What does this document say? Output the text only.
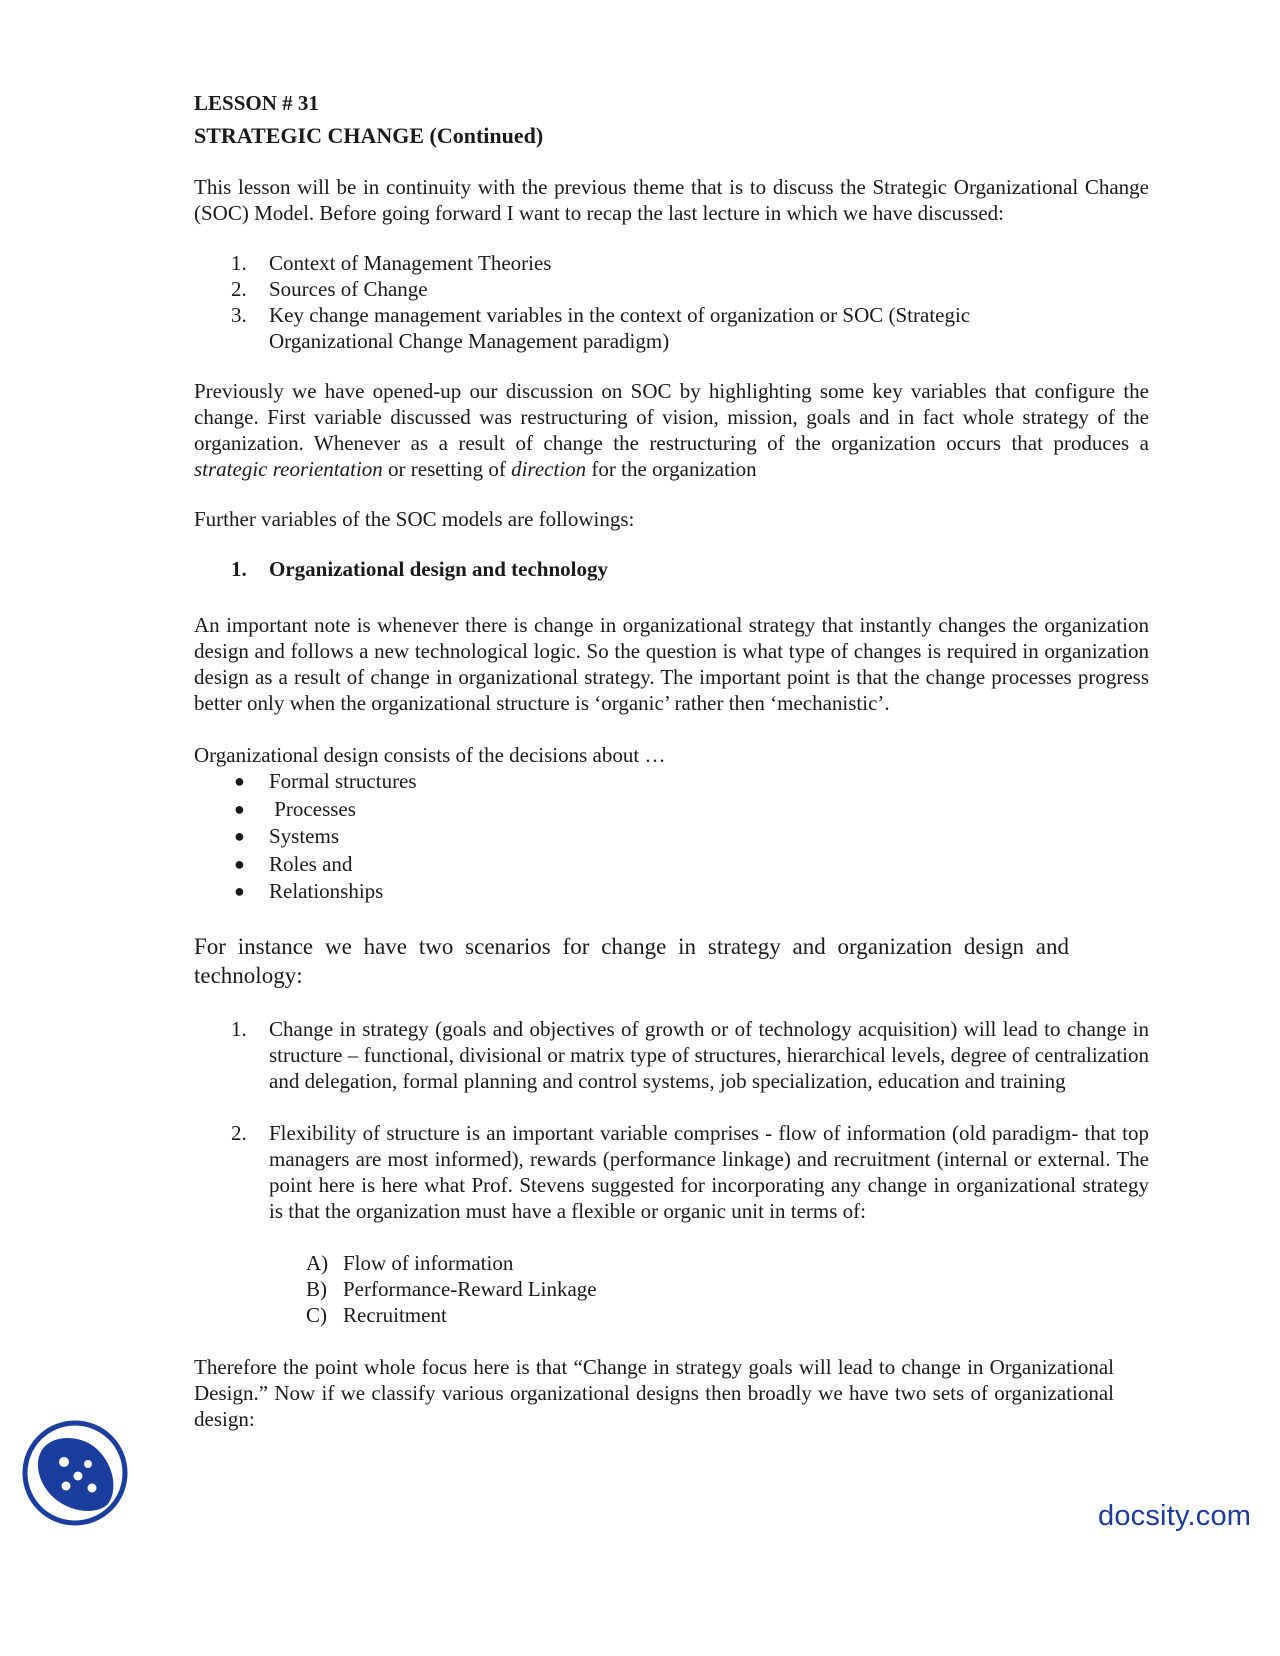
LESSON # 31

STRATEGIC CHANGE (Continued)

This lesson will be in continuity with the previous theme that is to discuss the Strategic Organizational Change (SOC) Model. Before going forward I want to recap the last lecture in which we have discussed:

1.	Context of Management Theories
2.	Sources of Change
3.	Key change management variables in the context of organization or SOC (Strategic Organizational Change Management paradigm)

Previously we have opened-up our discussion on SOC by highlighting some key variables that configure the change. First variable discussed was restructuring of vision, mission, goals and in fact whole strategy of the organization. Whenever as a result of change the restructuring of the organization occurs that produces a strategic reorientation or resetting of direction for the organization

Further variables of the SOC models are followings:

1. Organizational design and technology

An important note is whenever there is change in organizational strategy that instantly changes the organization design and follows a new technological logic. So the question is what type of changes is required in organization design as a result of change in organizational strategy. The important point is that the change processes progress better only when the organizational structure is ‘organic’ rather then ‘mechanistic’.

Organizational design consists of the decisions about …

● Formal structures
● Processes
● Systems
● Roles and
● Relationships

For instance we have two scenarios for change in strategy and organization design and technology:

1.	Change in strategy (goals and objectives of growth or of technology acquisition) will lead to change in structure – functional, divisional or matrix type of structures, hierarchical levels, degree of centralization and delegation, formal planning and control systems, job specialization, education and training

2.	Flexibility of structure is an important variable comprises - flow of information (old paradigm- that top managers are most informed), rewards (performance linkage) and recruitment (internal or external. The point here is here what Prof. Stevens suggested for incorporating any change in organizational strategy is that the organization must have a flexible or organic unit in terms of:

A) Flow of information
B) Performance-Reward Linkage
C) Recruitment

Therefore the point whole focus here is that “Change in strategy goals will lead to change in Organizational Design.” Now if we classify various organizational designs then broadly we have two sets of organizational design:

docsity.com
